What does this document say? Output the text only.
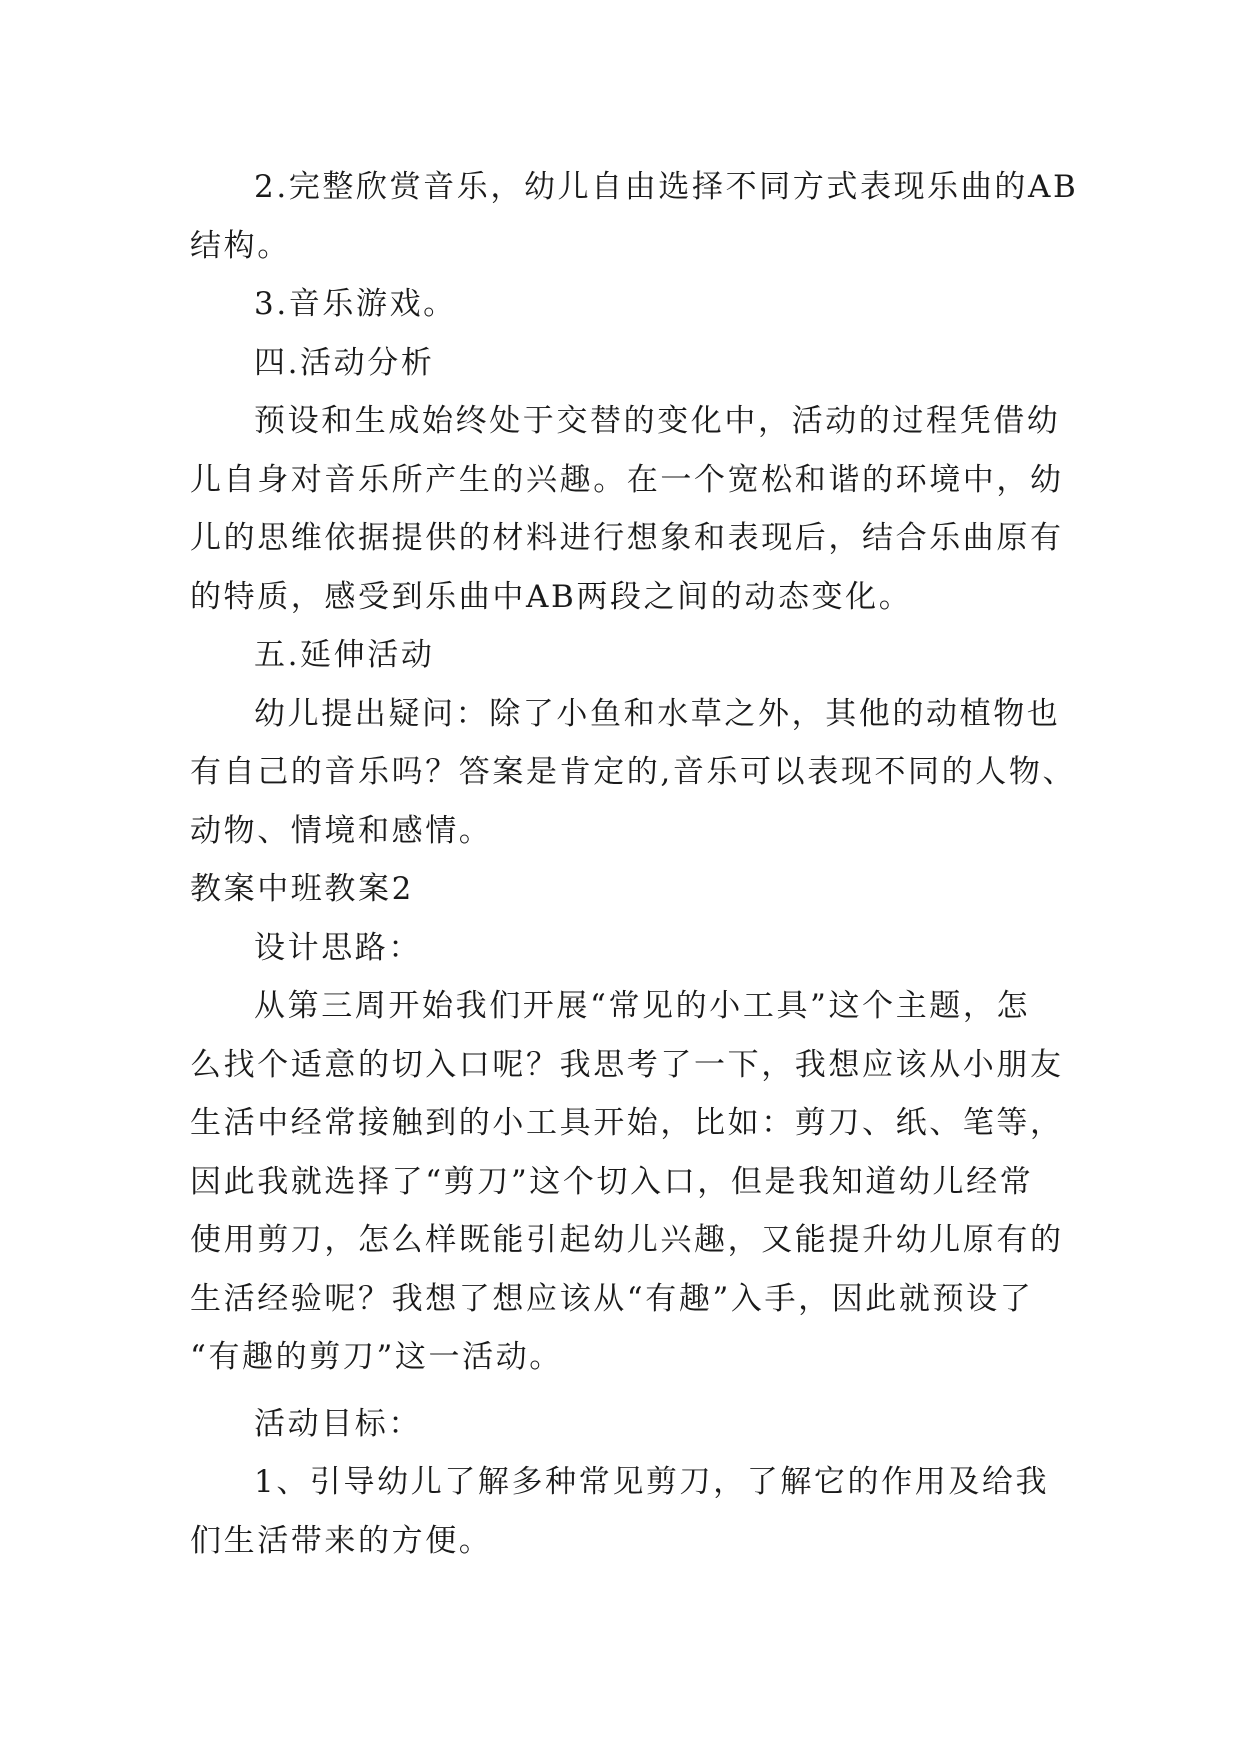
2.完整欣赏音乐，幼儿自由选择不同方式表现乐曲的AB
结构。
3.音乐游戏。
四.活动分析
预设和生成始终处于交替的变化中，活动的过程凭借幼
儿自身对音乐所产生的兴趣。在一个宽松和谐的环境中，幼
儿的思维依据提供的材料进行想象和表现后，结合乐曲原有
的特质，感受到乐曲中AB两段之间的动态变化。
五.延伸活动
幼儿提出疑问：除了小鱼和水草之外，其他的动植物也
有自己的音乐吗？答案是肯定的,音乐可以表现不同的人物、
动物、情境和感情。
教案中班教案2
设计思路：
从第三周开始我们开展“常见的小工具”这个主题，怎
么找个适意的切入口呢？我思考了一下，我想应该从小朋友
生活中经常接触到的小工具开始，比如：剪刀、纸、笔等，
因此我就选择了“剪刀”这个切入口，但是我知道幼儿经常
使用剪刀，怎么样既能引起幼儿兴趣，又能提升幼儿原有的
生活经验呢？我想了想应该从“有趣”入手，因此就预设了
“有趣的剪刀”这一活动。
活动目标：
1、引导幼儿了解多种常见剪刀，了解它的作用及给我
们生活带来的方便。
